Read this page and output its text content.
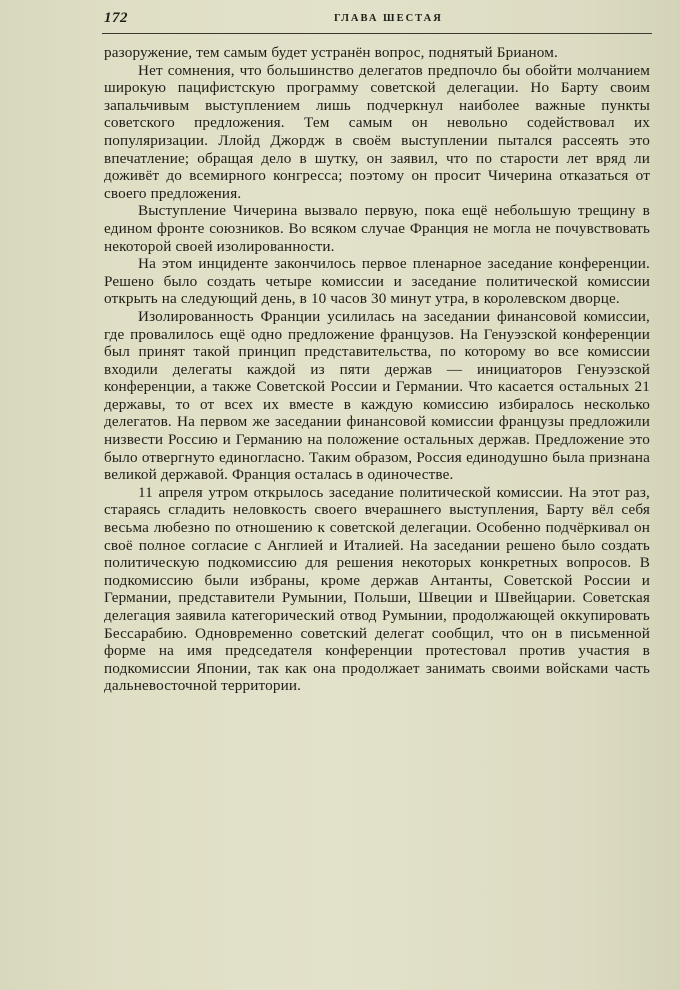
172	ГЛАВА ШЕСТАЯ

разоружение, тем самым будет устранён вопрос, поднятый Брианом.

Нет сомнения, что большинство делегатов предпочло бы обойти молчанием широкую пацифистскую программу советской делегации. Но Барту своим запальчивым выступлением лишь подчеркнул наиболее важные пункты советского предложения. Тем самым он невольно содействовал их популяризации. Ллойд Джордж в своём выступлении пытался рассеять это впечатление; обращая дело в шутку, он заявил, что по старости лет вряд ли доживёт до всемирного конгресса; поэтому он просит Чичерина отказаться от своего предложения.

Выступление Чичерина вызвало первую, пока ещё небольшую трещину в едином фронте союзников. Во всяком случае Франция не могла не почувствовать некоторой своей изолированности.

На этом инциденте закончилось первое пленарное заседание конференции. Решено было создать четыре комиссии и заседание политической комиссии открыть на следующий день, в 10 часов 30 минут утра, в королевском дворце.

Изолированность Франции усилилась на заседании финансовой комиссии, где провалилось ещё одно предложение французов. На Генуэзской конференции был принят такой принцип представительства, по которому во все комиссии входили делегаты каждой из пяти держав — инициаторов Генуэзской конференции, а также Советской России и Германии. Что касается остальных 21 державы, то от всех их вместе в каждую комиссию избиралось несколько делегатов. На первом же заседании финансовой комиссии французы предложили низвести Россию и Германию на положение остальных держав. Предложение это было отвергнуто единогласно. Таким образом, Россия единодушно была признана великой державой. Франция осталась в одиночестве.

11 апреля утром открылось заседание политической комиссии. На этот раз, стараясь сгладить неловкость своего вчерашнего выступления, Барту вёл себя весьма любезно по отношению к советской делегации. Особенно подчёркивал он своё полное согласие с Англией и Италией. На заседании решено было создать политическую подкомиссию для решения некоторых конкретных вопросов. В подкомиссию были избраны, кроме держав Антанты, Советской России и Германии, представители Румынии, Польши, Швеции и Швейцарии. Советская делегация заявила категорический отвод Румынии, продолжающей оккупировать Бессарабию. Одновременно советский делегат сообщил, что он в письменной форме на имя председателя конференции протестовал против участия в подкомиссии Японии, так как она продолжает занимать своими войсками часть дальневосточной территории.
